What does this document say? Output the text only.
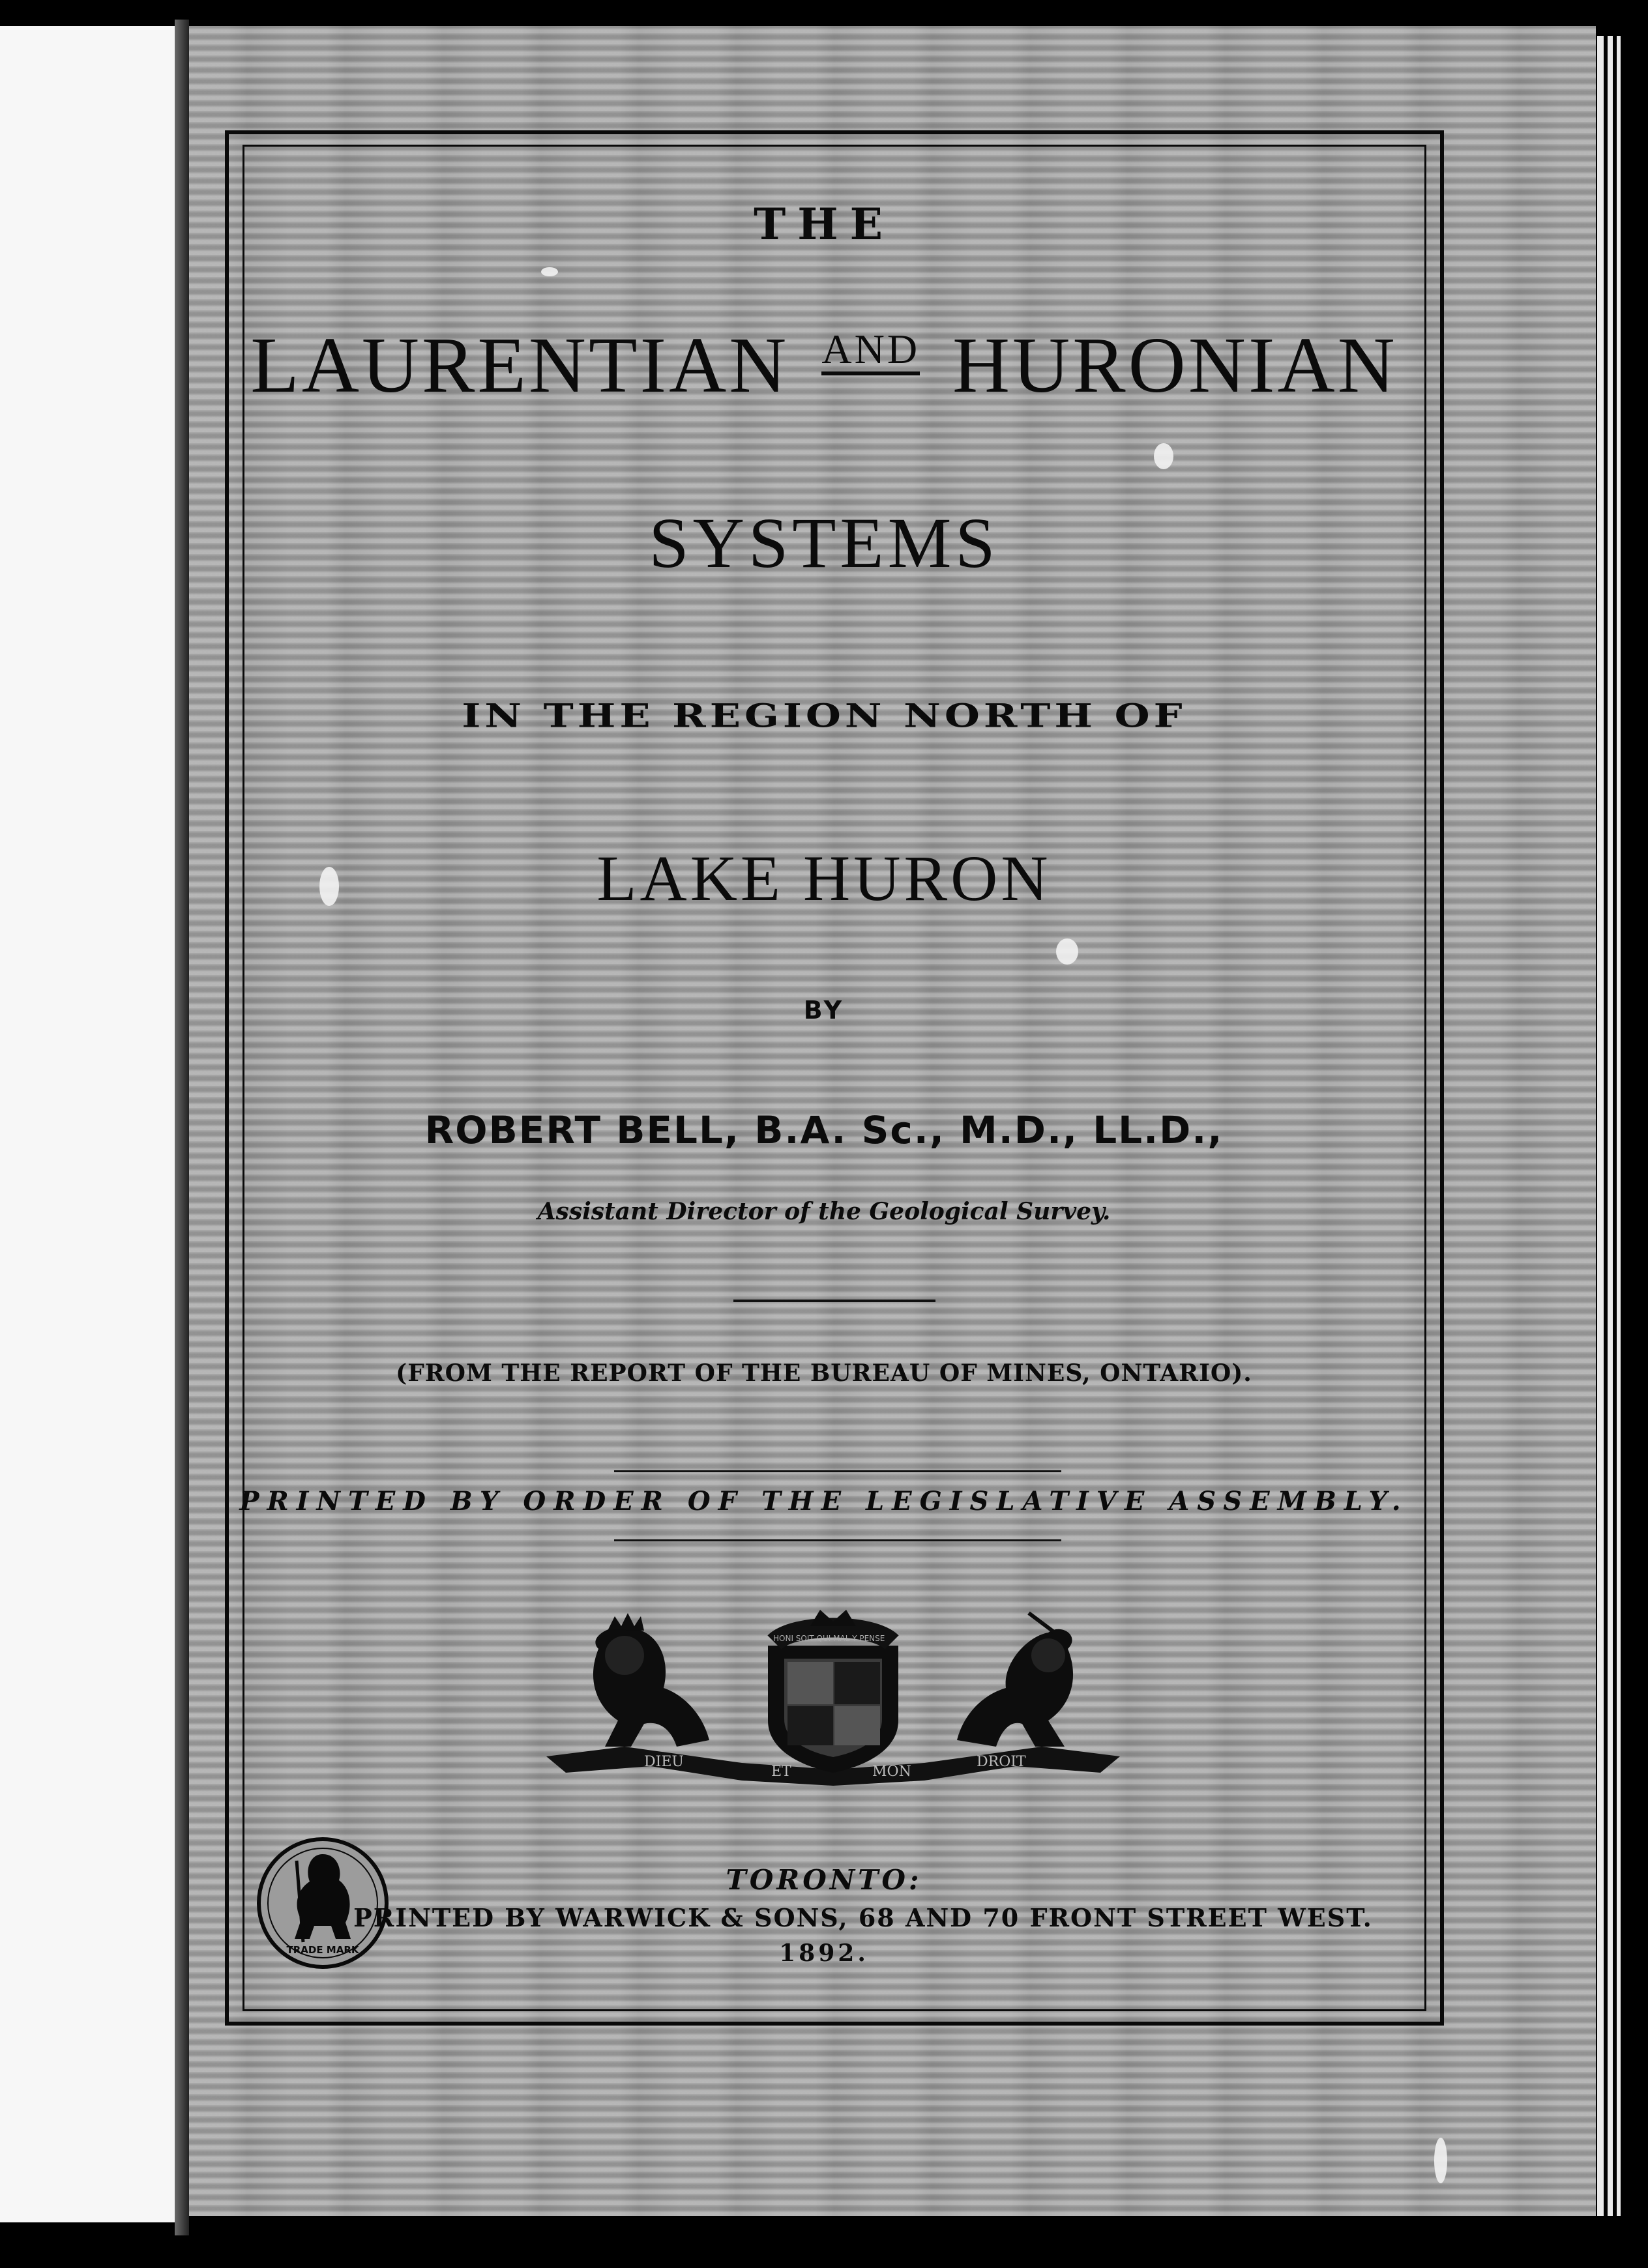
THE
LAURENTIAN AND HURONIAN
SYSTEMS
IN THE REGION NORTH OF
LAKE HURON
BY
ROBERT BELL, B.A. Sc., M.D., LL.D.,
Assistant Director of the Geological Survey.
(FROM THE REPORT OF THE BUREAU OF MINES, ONTARIO).
PRINTED BY ORDER OF THE LEGISLATIVE ASSEMBLY.
DIEU
ET	MON
DROIT
HONI SOIT QUI MAL Y PENSE
TRADE MARK
TORONTO:
PRINTED BY WARWICK & SONS, 68 AND 70 FRONT STREET WEST.
1892.
